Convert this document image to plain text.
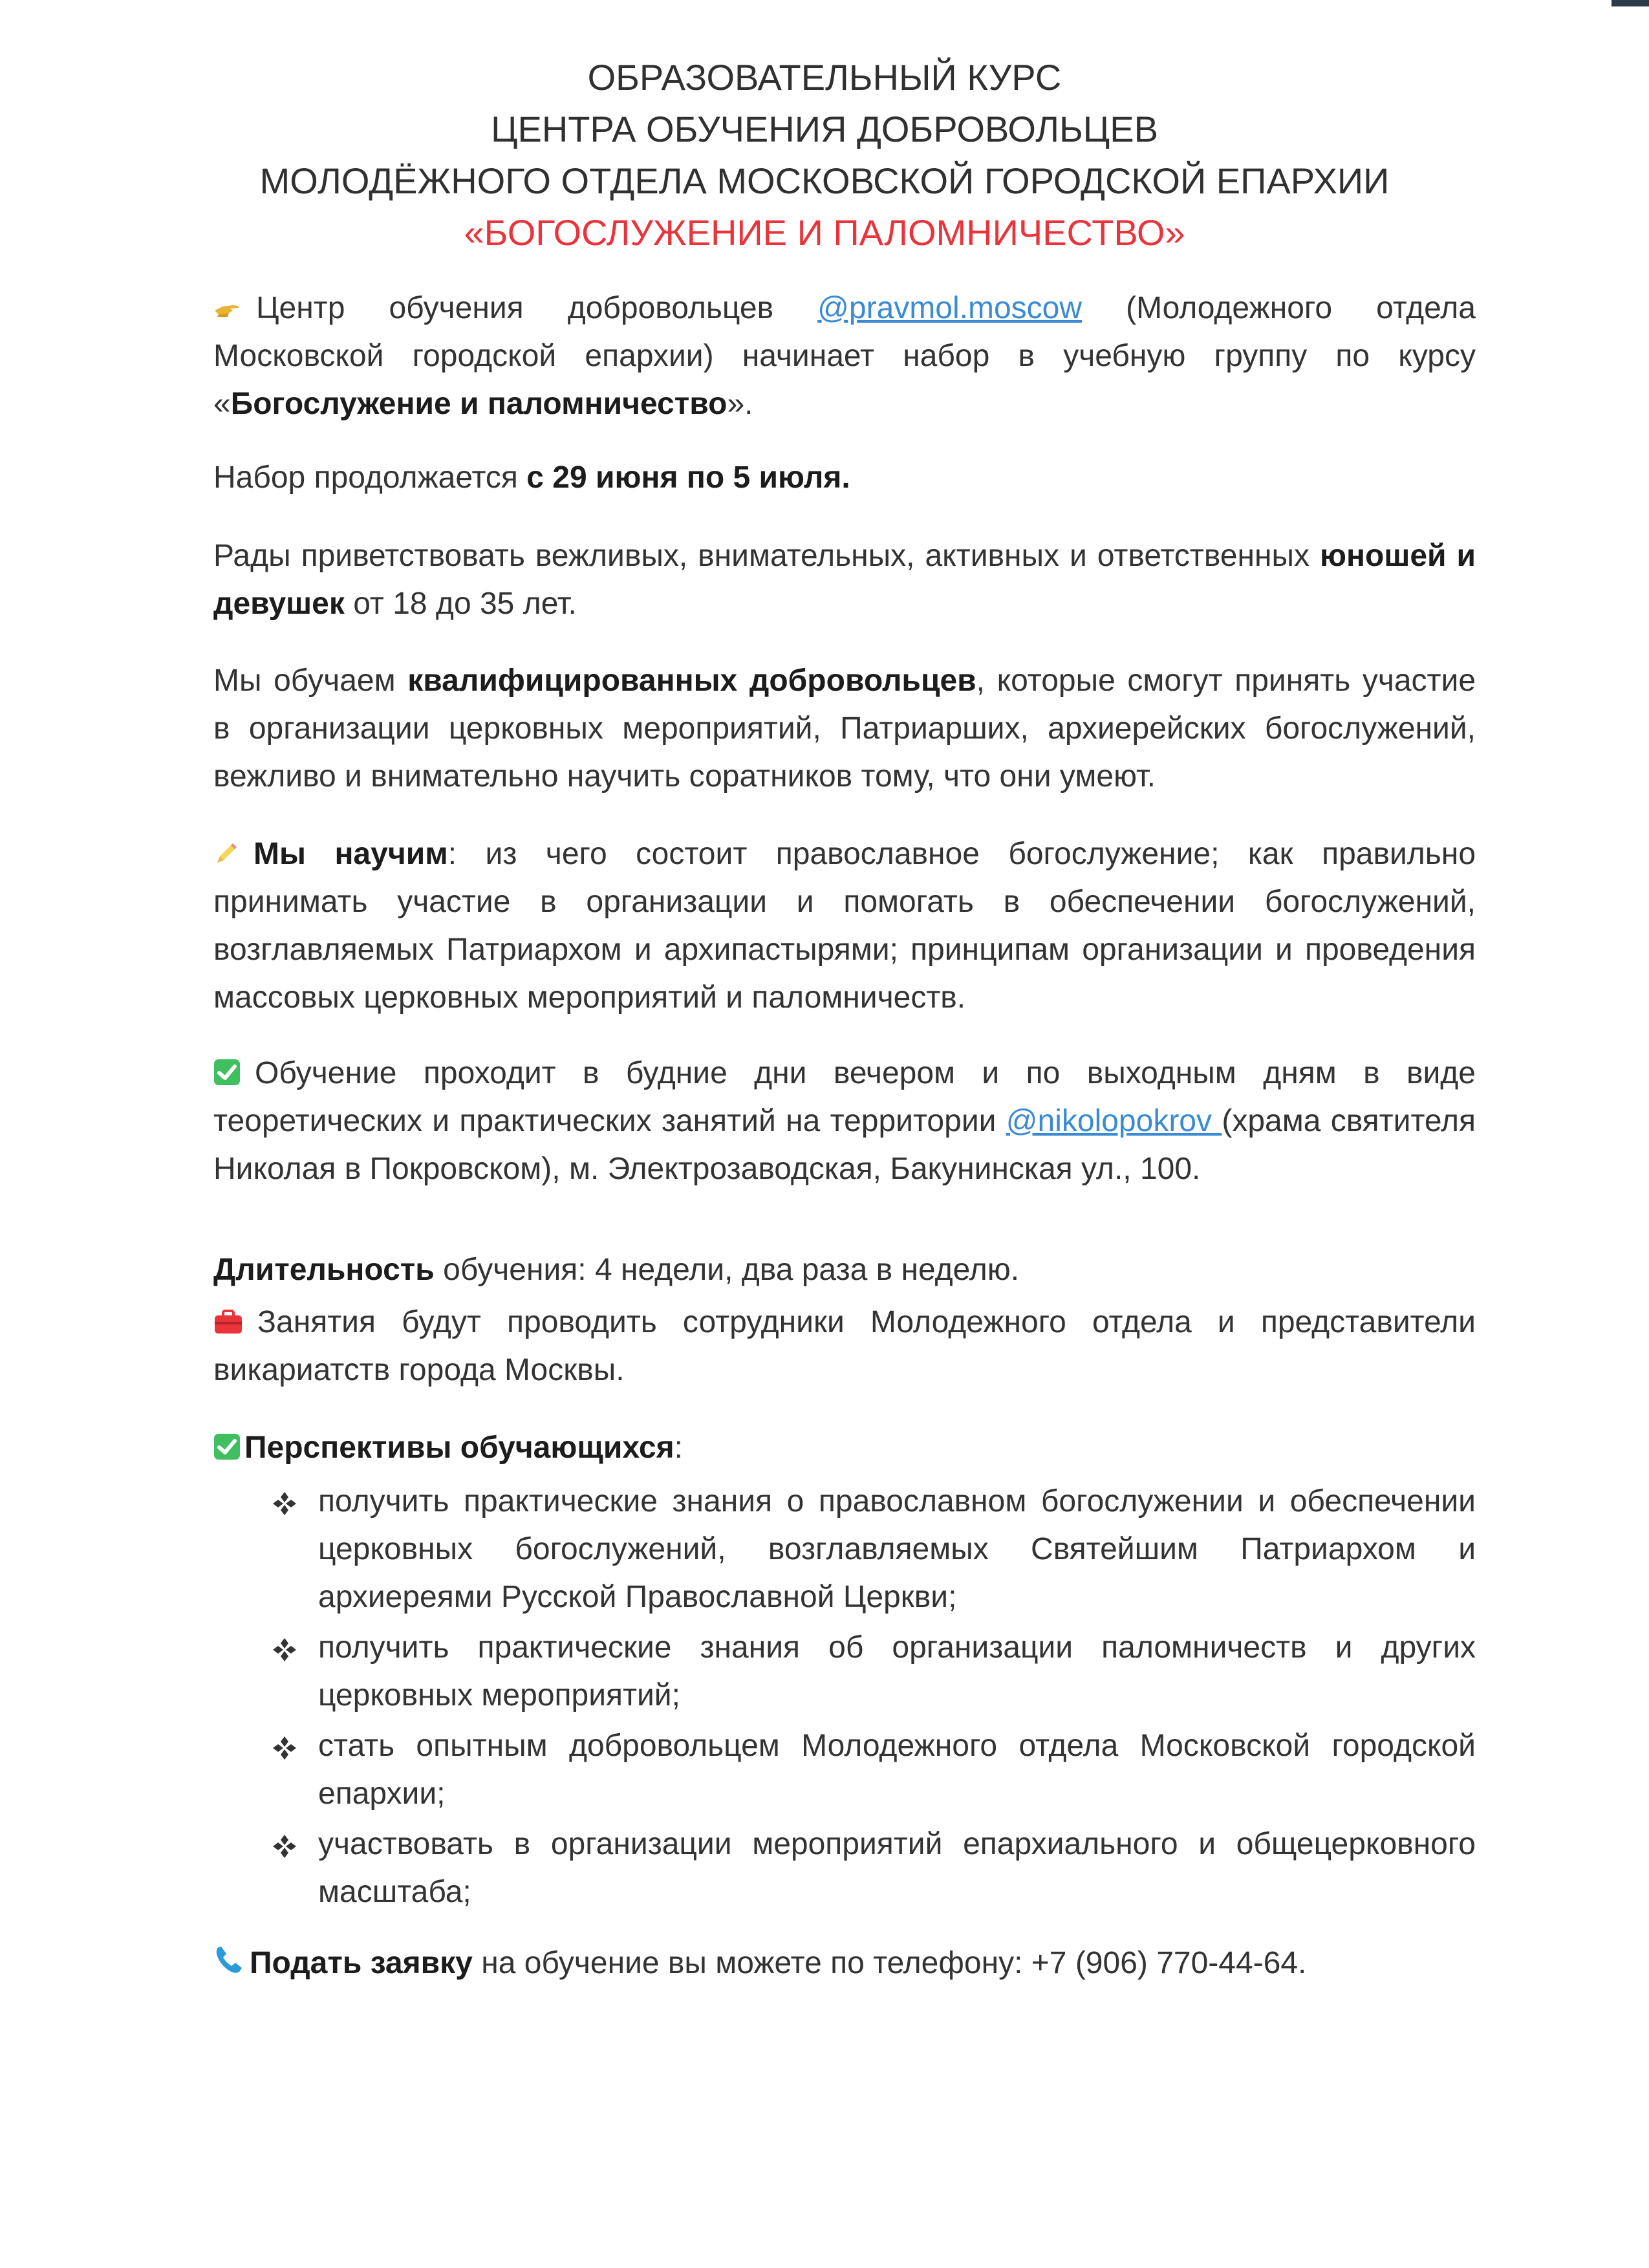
ОБРАЗОВАТЕЛЬНЫЙ КУРС
ЦЕНТРА ОБУЧЕНИЯ ДОБРОВОЛЬЦЕВ
МОЛОДЁЖНОГО ОТДЕЛА МОСКОВСКОЙ ГОРОДСКОЙ ЕПАРХИИ
«БОГОСЛУЖЕНИЕ И ПАЛОМНИЧЕСТВО»

Центр обучения добровольцев @pravmol.moscow (Молодежного отдела Московской городской епархии) начинает набор в учебную группу по курсу «Богослужение и паломничество».

Набор продолжается с 29 июня по 5 июля.

Рады приветствовать вежливых, внимательных, активных и ответственных юношей и девушек от 18 до 35 лет.

Мы обучаем квалифицированных добровольцев, которые смогут принять участие в организации церковных мероприятий, Патриарших, архиерейских богослужений, вежливо и внимательно научить соратников тому, что они умеют.

Мы научим: из чего состоит православное богослужение; как правильно принимать участие в организации и помогать в обеспечении богослужений, возглавляемых Патриархом и архипастырями; принципам организации и проведения массовых церковных мероприятий и паломничеств.

Обучение проходит в будние дни вечером и по выходным дням в виде теоретических и практических занятий на территории @nikolopokrov (храма святителя Николая в Покровском), м. Электрозаводская, Бакунинская ул., 100.

Длительность обучения: 4 недели, два раза в неделю.

Занятия будут проводить сотрудники Молодежного отдела и представители викариатств города Москвы.

Перспективы обучающихся:

получить практические знания о православном богослужении и обеспечении церковных богослужений, возглавляемых Святейшим Патриархом и архиереями Русской Православной Церкви;
получить практические знания об организации паломничеств и других церковных мероприятий;
стать опытным добровольцем Молодежного отдела Московской городской епархии;
участвовать в организации мероприятий епархиального и общецерковного масштаба;

Подать заявку на обучение вы можете по телефону: +7 (906) 770-44-64.
